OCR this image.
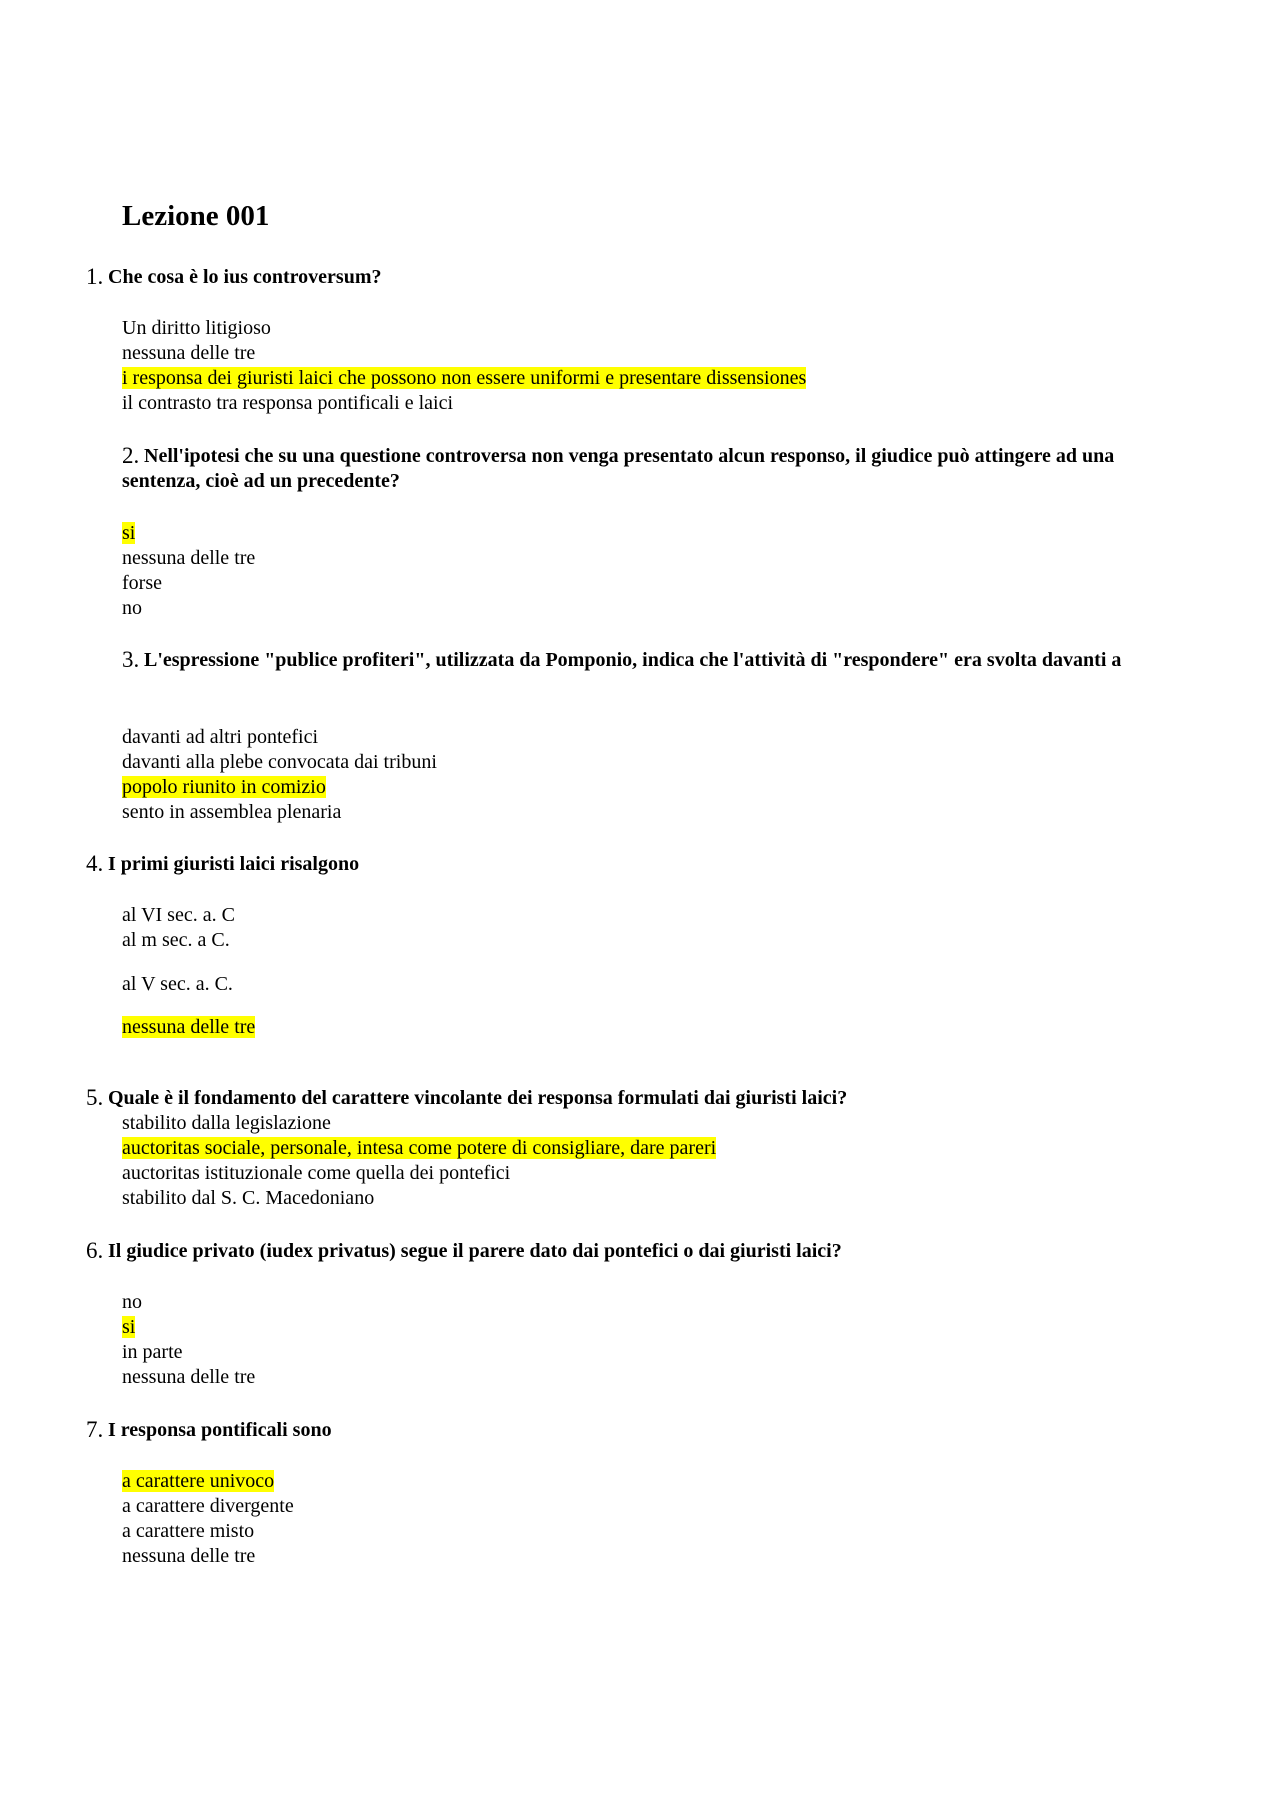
Lezione 001
1. Che cosa è lo ius controversum?

Un diritto litigioso
nessuna delle tre
i responsa dei giuristi laici che possono non essere uniformi e presentare dissensiones
il contrasto tra responsa pontificali e laici
2. Nell'ipotesi che su una questione controversa non venga presentato alcun responso, il giudice può attingere ad una sentenza, cioè ad un precedente?

si
nessuna delle tre
forse
no
3. L'espressione "publice profiteri", utilizzata da Pomponio, indica che l'attività di "respondere" era svolta davanti a

davanti ad altri pontefici
davanti alla plebe convocata dai tribuni
popolo riunito in comizio
sento in assemblea plenaria
4. I primi giuristi laici risalgono

al VI sec. a. C
al m sec. a C.
al V sec. a. C.
nessuna delle tre
5. Quale è il fondamento del carattere vincolante dei responsa formulati dai giuristi laici?

stabilito dalla legislazione
auctoritas sociale, personale, intesa come potere di consigliare, dare pareri
auctoritas istituzionale come quella dei pontefici
stabilito dal S. C. Macedoniano
6. Il giudice privato (iudex privatus) segue il parere dato dai pontefici o dai giuristi laici?

no
si
in parte
nessuna delle tre
7. I responsa pontificali sono

a carattere univoco
a carattere divergente
a carattere misto
nessuna delle tre
